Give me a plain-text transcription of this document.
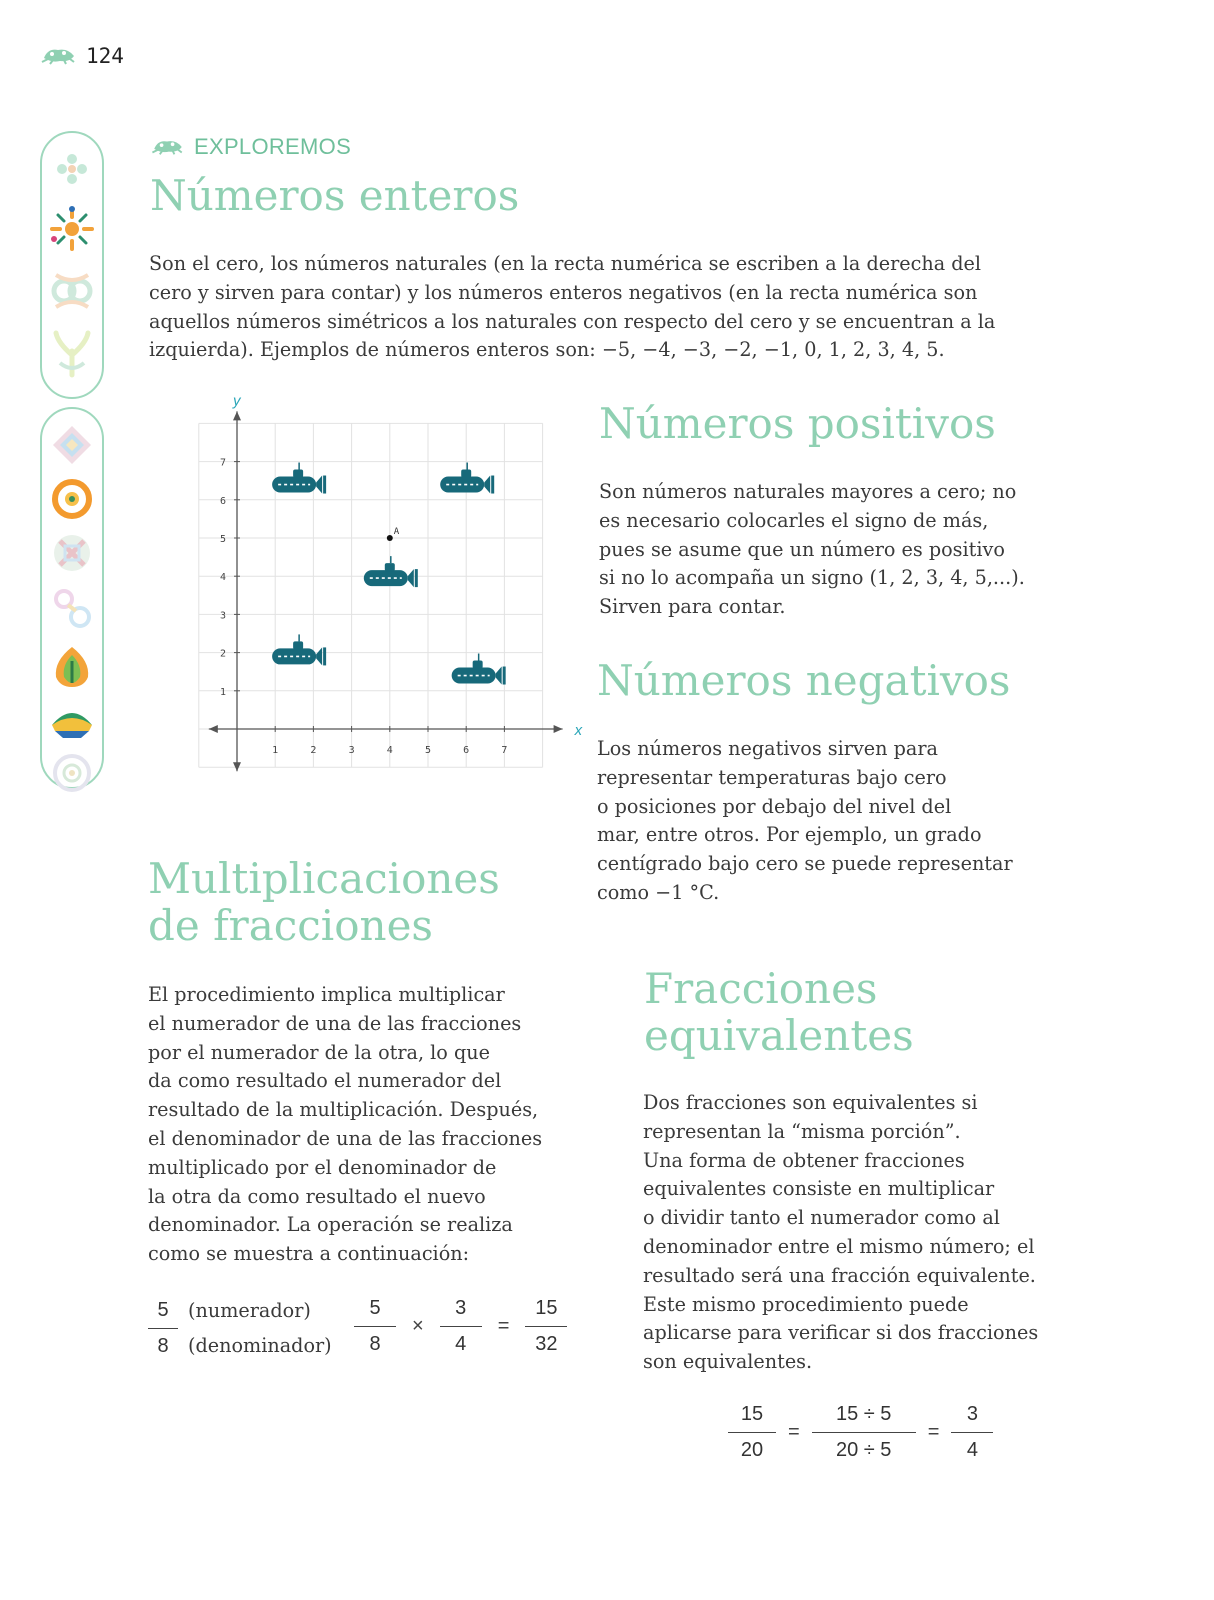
124
EXPLOREMOS
Números enteros

Son el cero, los números naturales (en la recta numérica se escriben a la derecha del

cero y sirven para contar) y los números enteros negativos (en la recta numérica son

aquellos números simétricos a los naturales con respecto del cero y se encuentran a la

izquierda). Ejemplos de números enteros son: −5, −4, −3, −2, −1, 0, 1, 2, 3, 4, 5.

x
y
1	2	3	4	5	6	7
1
2
3
4
5
6
7
A
Números positivos

Son números naturales mayores a cero; no

es necesario colocarles el signo de más,

pues se asume que un número es positivo

si no lo acompaña un signo (1, 2, 3, 4, 5,...).

Sirven para contar.

Números negativos

Los números negativos sirven para

representar temperaturas bajo cero

o posiciones por debajo del nivel del

mar, entre otros. Por ejemplo, un grado

centígrado bajo cero se puede representar

como −1 °C.

Multiplicaciones
de fracciones

El procedimiento implica multiplicar

el numerador de una de las fracciones

por el numerador de la otra, lo que

da como resultado el numerador del

resultado de la multiplicación. Después,

el denominador de una de las fracciones

multiplicado por el denominador de

la otra da como resultado el nuevo

denominador. La operación se realiza

como se muestra a continuación:

$\frac{5}{8}$ (numerador)
(denominador) $\frac{5}{8} \times \frac{3}{4} = \frac{15}{32}$
Fracciones
equivalentes

Dos fracciones son equivalentes si

representan la “misma porción”.

Una forma de obtener fracciones

equivalentes consiste en multiplicar

o dividir tanto el numerador como al

denominador entre el mismo número; el

resultado será una fracción equivalente.

Este mismo procedimiento puede

aplicarse para verificar si dos fracciones

son equivalentes.

$\frac{15}{20} = \frac{15 \div 5}{20 \div 5} = \frac{3}{4}$
